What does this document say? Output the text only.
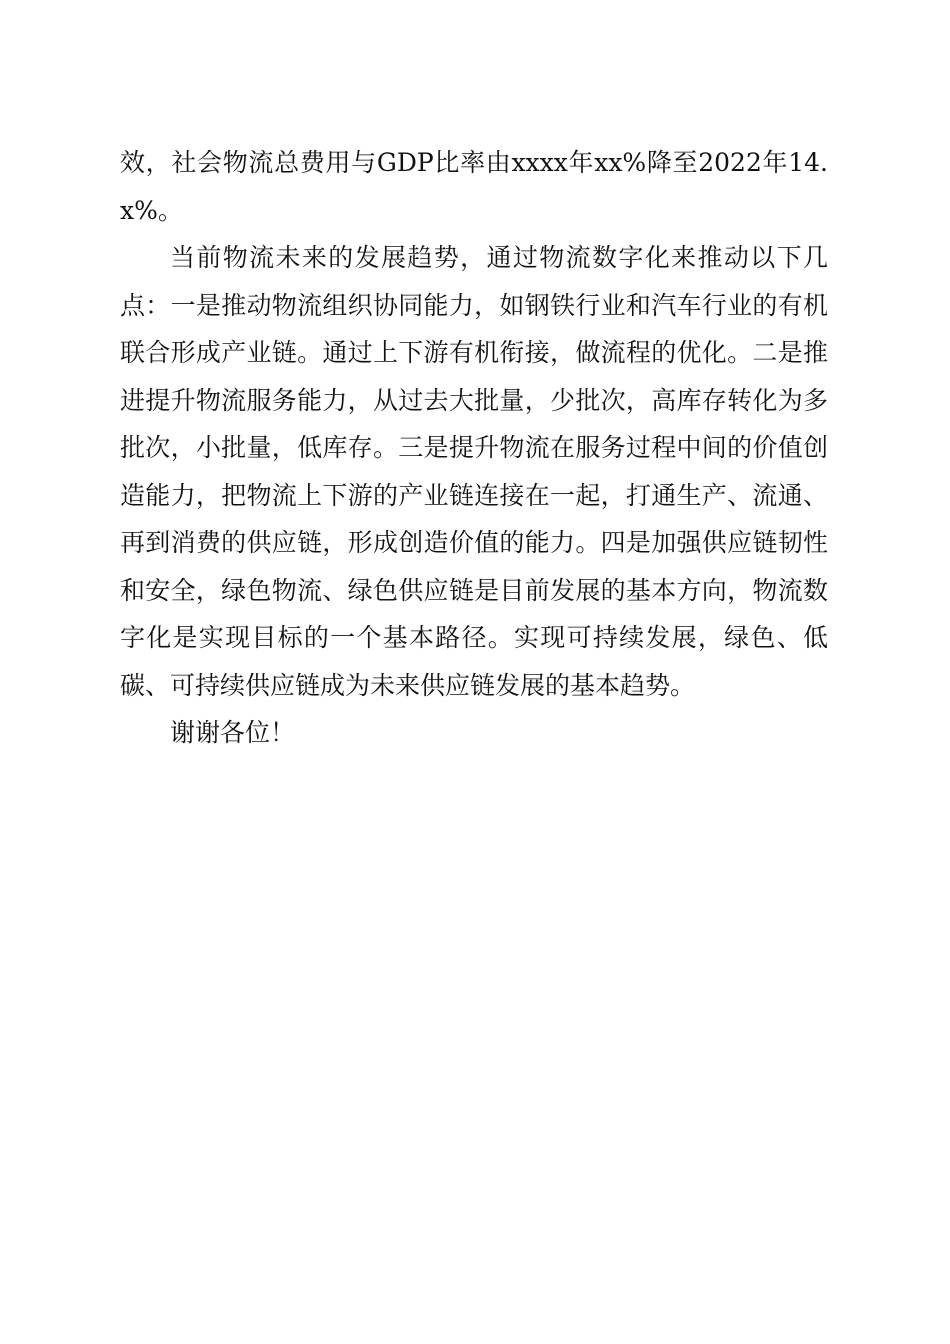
效，社会物流总费用与GDP比率由xxxx年xx%降至2022年14.x%。

当前物流未来的发展趋势，通过物流数字化来推动以下几点：一是推动物流组织协同能力，如钢铁行业和汽车行业的有机联合形成产业链。通过上下游有机衔接，做流程的优化。二是推进提升物流服务能力，从过去大批量，少批次，高库存转化为多批次，小批量，低库存。三是提升物流在服务过程中间的价值创造能力，把物流上下游的产业链连接在一起，打通生产、流通、再到消费的供应链，形成创造价值的能力。四是加强供应链韧性和安全，绿色物流、绿色供应链是目前发展的基本方向，物流数字化是实现目标的一个基本路径。实现可持续发展，绿色、低碳、可持续供应链成为未来供应链发展的基本趋势。

谢谢各位！
